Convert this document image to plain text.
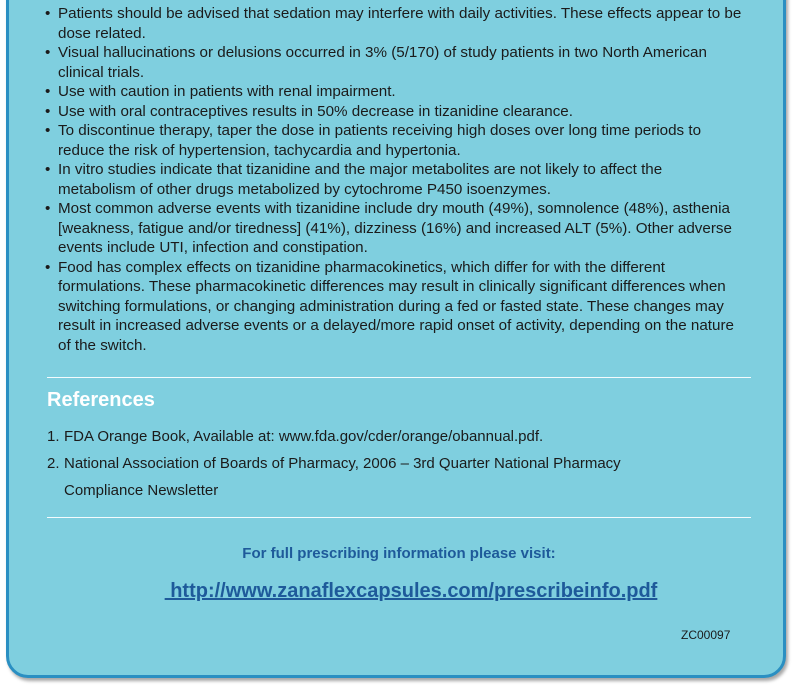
• Patients should be advised that sedation may interfere with daily activities. These effects appear to be
dose related.
• Visual hallucinations or delusions occurred in 3% (5/170) of study patients in two North American
clinical trials.
• Use with caution in patients with renal impairment.
• Use with oral contraceptives results in 50% decrease in tizanidine clearance.
• To discontinue therapy, taper the dose in patients receiving high doses over long time periods to
reduce the risk of hypertension, tachycardia and hypertonia.
• In vitro studies indicate that tizanidine and the major metabolites are not likely to affect the
metabolism of other drugs metabolized by cytochrome P450 isoenzymes.
• Most common adverse events with tizanidine include dry mouth (49%), somnolence (48%), asthenia
[weakness, fatigue and/or tiredness] (41%), dizziness (16%) and increased ALT (5%). Other adverse
events include UTI, infection and constipation.
• Food has complex effects on tizanidine pharmacokinetics, which differ for with the different
formulations. These pharmacokinetic differences may result in clinically significant differences when
switching formulations, or changing administration during a fed or fasted state. These changes may
result in increased adverse events or a delayed/more rapid onset of activity, depending on the nature
of the switch.
References
1. FDA Orange Book, Available at: www.fda.gov/cder/orange/obannual.pdf.
2. National Association of Boards of Pharmacy, 2006 – 3rd Quarter National Pharmacy
Compliance Newsletter

For full prescribing information please visit:

http://www.zanaflexcapsules.com/prescribeinfo.pdf
ZC00097
